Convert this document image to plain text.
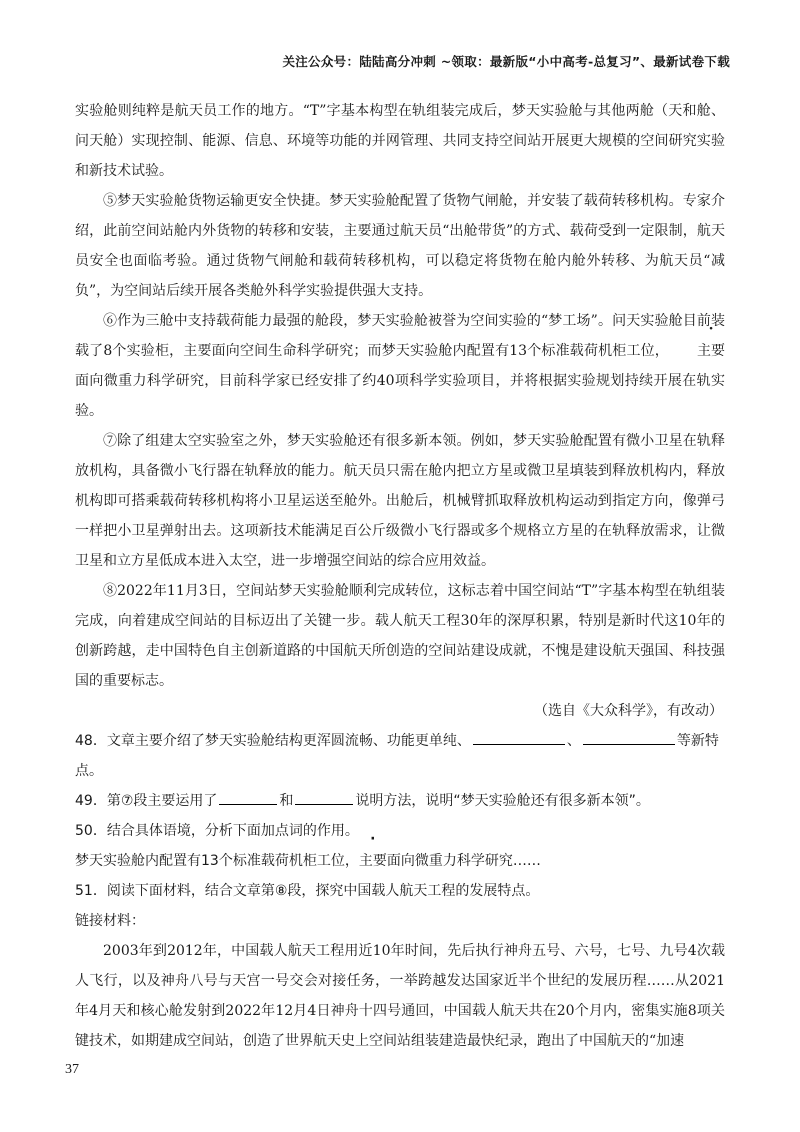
关注公众号：陆陆高分冲刺 ~领取：最新版“小中高考-总复习”、最新试卷下载

实验舱则纯粹是航天员工作的地方。“T”字基本构型在轨组装完成后，梦天实验舱与其他两舱（天和舱、问天舱）实现控制、能源、信息、环境等功能的并网管理、共同支持空间站开展更大规模的空间研究实验和新技术试验。

⑤梦天实验舱货物运输更安全快捷。梦天实验舱配置了货物气闸舱，并安装了载荷转移机构。专家介绍，此前空间站舱内外货物的转移和安装，主要通过航天员“出舱带货”的方式、载荷受到一定限制，航天员安全也面临考验。通过货物气闸舱和载荷转移机构，可以稳定将货物在舱内舱外转移、为航天员“减负”，为空间站后续开展各类舱外科学实验提供强大支持。

⑥作为三舱中支持载荷能力最强的舱段，梦天实验舱被誉为空间实验的“梦工场”。问天实验舱目前装载了8个实验柜，主要面向空间生命科学研究；而梦天实验舱内配置有13个标准载荷机柜工位， 主要面向微重力科学研究，目前科学家已经安排了约40项科学实验项目，并将根据实验规划持续开展在轨实验。

⑦除了组建太空实验室之外，梦天实验舱还有很多新本领。例如，梦天实验舱配置有微小卫星在轨释放机构，具备微小飞行器在轨释放的能力。航天员只需在舱内把立方星或微卫星填装到释放机构内，释放机构即可搭乘载荷转移机构将小卫星运送至舱外。出舱后，机械臂抓取释放机构运动到指定方向，像弹弓一样把小卫星弹射出去。这项新技术能满足百公斤级微小飞行器或多个规格立方星的在轨释放需求，让微卫星和立方星低成本进入太空，进一步增强空间站的综合应用效益。

⑧2022年11月3日，空间站梦天实验舱顺利完成转位，这标志着中国空间站“T”字基本构型在轨组装完成，向着建成空间站的目标迈出了关键一步。载人航天工程30年的深厚积累，特别是新时代这10年的创新跨越，走中国特色自主创新道路的中国航天所创造的空间站建设成就，不愧是建设航天强国、科技强国的重要标志。

（选自《大众科学》，有改动）

48．文章主要介绍了梦天实验舱结构更浑圆流畅、功能更单纯、	、	等新特点。

49．第⑦段主要运用了	和	说明方法，说明“梦天实验舱还有很多新本领”。

50．结合具体语境，分析下面加点词的作用。

梦天实验舱内配置有13个标准载荷机柜工位，主要面向微重力科学研究……

51．阅读下面材料，结合文章第⑧段，探究中国载人航天工程的发展特点。

链接材料：

2003年到2012年，中国载人航天工程用近10年时间，先后执行神舟五号、六号，七号、九号4次载人飞行，以及神舟八号与天宫一号交会对接任务，一举跨越发达国家近半个世纪的发展历程……从2021年4月天和核心舱发射到2022年12月4日神舟十四号通回，中国载人航天共在20个月内，密集实施8项关键技术，如期建成空间站，创造了世界航天史上空间站组装建造最快纪录，跑出了中国航天的“加速

37
